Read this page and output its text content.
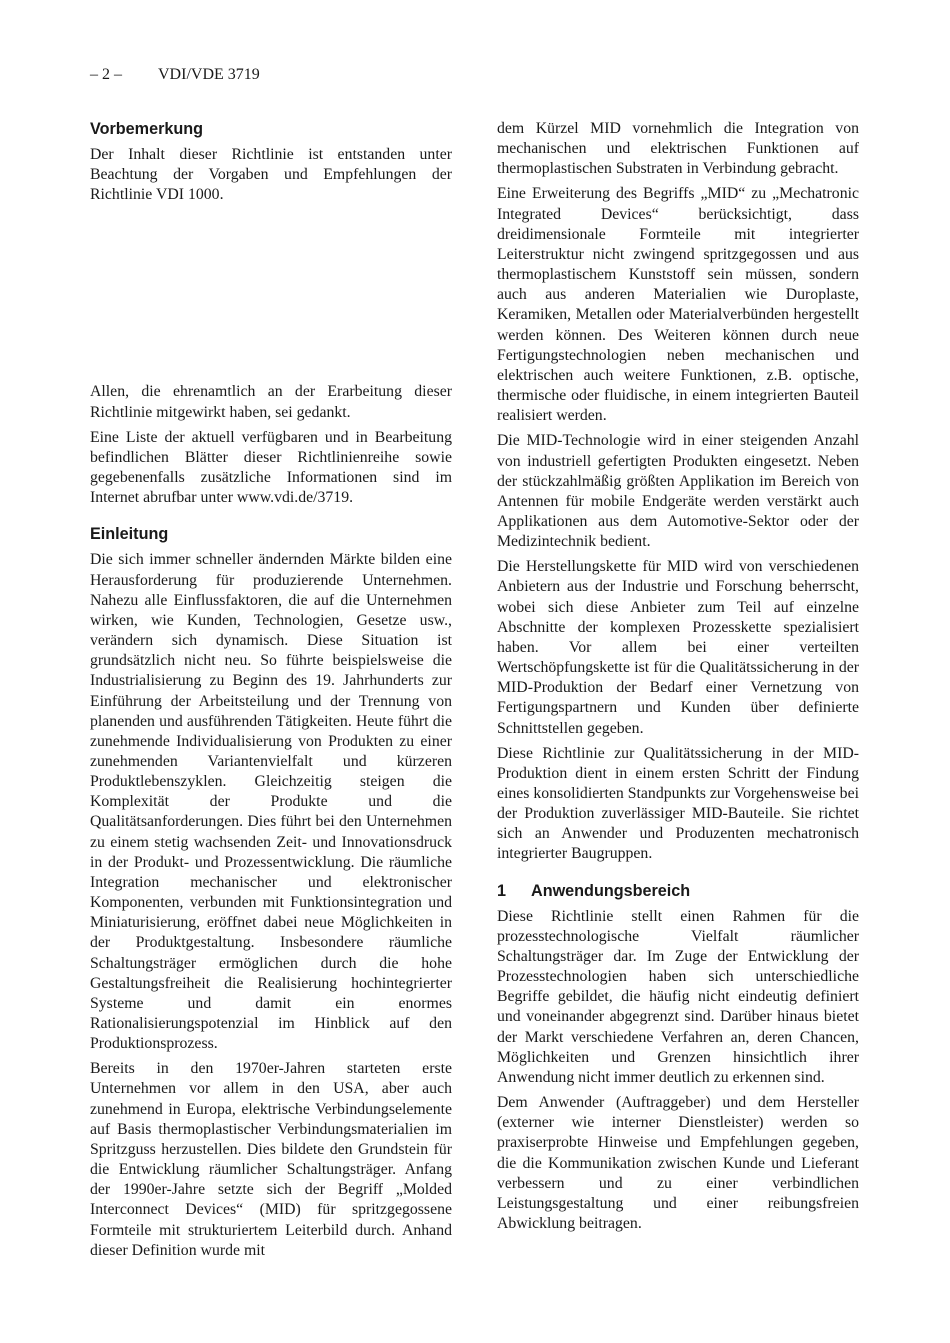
– 2 – VDI/VDE 3719
Vorbemerkung

Der Inhalt dieser Richtlinie ist entstanden unter Beachtung der Vorgaben und Empfehlungen der Richtlinie VDI 1000.

Allen, die ehrenamtlich an der Erarbeitung dieser Richtlinie mitgewirkt haben, sei gedankt.

Eine Liste der aktuell verfügbaren und in Bearbeitung befindlichen Blätter dieser Richtlinienreihe sowie gegebenenfalls zusätzliche Informationen sind im Internet abrufbar unter www.vdi.de/3719.

Einleitung

Die sich immer schneller ändernden Märkte bilden eine Herausforderung für produzierende Unternehmen. Nahezu alle Einflussfaktoren, die auf die Unternehmen wirken, wie Kunden, Technologien, Gesetze usw., verändern sich dynamisch. Diese Situation ist grundsätzlich nicht neu. So führte beispielsweise die Industrialisierung zu Beginn des 19. Jahrhunderts zur Einführung der Arbeitsteilung und der Trennung von planenden und ausführenden Tätigkeiten. Heute führt die zunehmende Individualisierung von Produkten zu einer zunehmenden Variantenvielfalt und kürzeren Produktlebenszyklen. Gleichzeitig steigen die Komplexität der Produkte und die Qualitätsanforderungen. Dies führt bei den Unternehmen zu einem stetig wachsenden Zeit- und Innovationsdruck in der Produkt- und Prozessentwicklung. Die räumliche Integration mechanischer und elektronischer Komponenten, verbunden mit Funktionsintegration und Miniaturisierung, eröffnet dabei neue Möglichkeiten in der Produktgestaltung. Insbesondere räumliche Schaltungsträger ermöglichen durch die hohe Gestaltungsfreiheit die Realisierung hochintegrierter Systeme und damit ein enormes Rationalisierungspotenzial im Hinblick auf den Produktionsprozess.

Bereits in den 1970er-Jahren starteten erste Unternehmen vor allem in den USA, aber auch zunehmend in Europa, elektrische Verbindungselemente auf Basis thermoplastischer Verbindungsmaterialien im Spritzguss herzustellen. Dies bildete den Grundstein für die Entwicklung räumlicher Schaltungsträger. Anfang der 1990er-Jahre setzte sich der Begriff „Molded Interconnect Devices“ (MID) für spritzgegossene Formteile mit strukturiertem Leiterbild durch. Anhand dieser Definition wurde mit

dem Kürzel MID vornehmlich die Integration von mechanischen und elektrischen Funktionen auf thermoplastischen Substraten in Verbindung gebracht.

Eine Erweiterung des Begriffs „MID“ zu „Mechatronic Integrated Devices“ berücksichtigt, dass dreidimensionale Formteile mit integrierter Leiterstruktur nicht zwingend spritzgegossen und aus thermoplastischem Kunststoff sein müssen, sondern auch aus anderen Materialien wie Duroplaste, Keramiken, Metallen oder Materialverbünden hergestellt werden können. Des Weiteren können durch neue Fertigungstechnologien neben mechanischen und elektrischen auch weitere Funktionen, z.B. optische, thermische oder fluidische, in einem integrierten Bauteil realisiert werden.

Die MID-Technologie wird in einer steigenden Anzahl von industriell gefertigten Produkten eingesetzt. Neben der stückzahlmäßig größten Applikation im Bereich von Antennen für mobile Endgeräte werden verstärkt auch Applikationen aus dem Automotive-Sektor oder der Medizintechnik bedient.

Die Herstellungskette für MID wird von verschiedenen Anbietern aus der Industrie und Forschung beherrscht, wobei sich diese Anbieter zum Teil auf einzelne Abschnitte der komplexen Prozesskette spezialisiert haben. Vor allem bei einer verteilten Wertschöpfungskette ist für die Qualitätssicherung in der MID-Produktion der Bedarf einer Vernetzung von Fertigungspartnern und Kunden über definierte Schnittstellen gegeben.

Diese Richtlinie zur Qualitätssicherung in der MID-Produktion dient in einem ersten Schritt der Findung eines konsolidierten Standpunkts zur Vorgehensweise bei der Produktion zuverlässiger MID-Bauteile. Sie richtet sich an Anwender und Produzenten mechatronisch integrierter Baugruppen.

1 Anwendungsbereich

Diese Richtlinie stellt einen Rahmen für die prozesstechnologische Vielfalt räumlicher Schaltungsträger dar. Im Zuge der Entwicklung der Prozesstechnologien haben sich unterschiedliche Begriffe gebildet, die häufig nicht eindeutig definiert und voneinander abgegrenzt sind. Darüber hinaus bietet der Markt verschiedene Verfahren an, deren Chancen, Möglichkeiten und Grenzen hinsichtlich ihrer Anwendung nicht immer deutlich zu erkennen sind.

Dem Anwender (Auftraggeber) und dem Hersteller (externer wie interner Dienstleister) werden so praxiserprobte Hinweise und Empfehlungen gegeben, die die Kommunikation zwischen Kunde und Lieferant verbessern und zu einer verbindlichen Leistungsgestaltung und einer reibungsfreien Abwicklung beitragen.
